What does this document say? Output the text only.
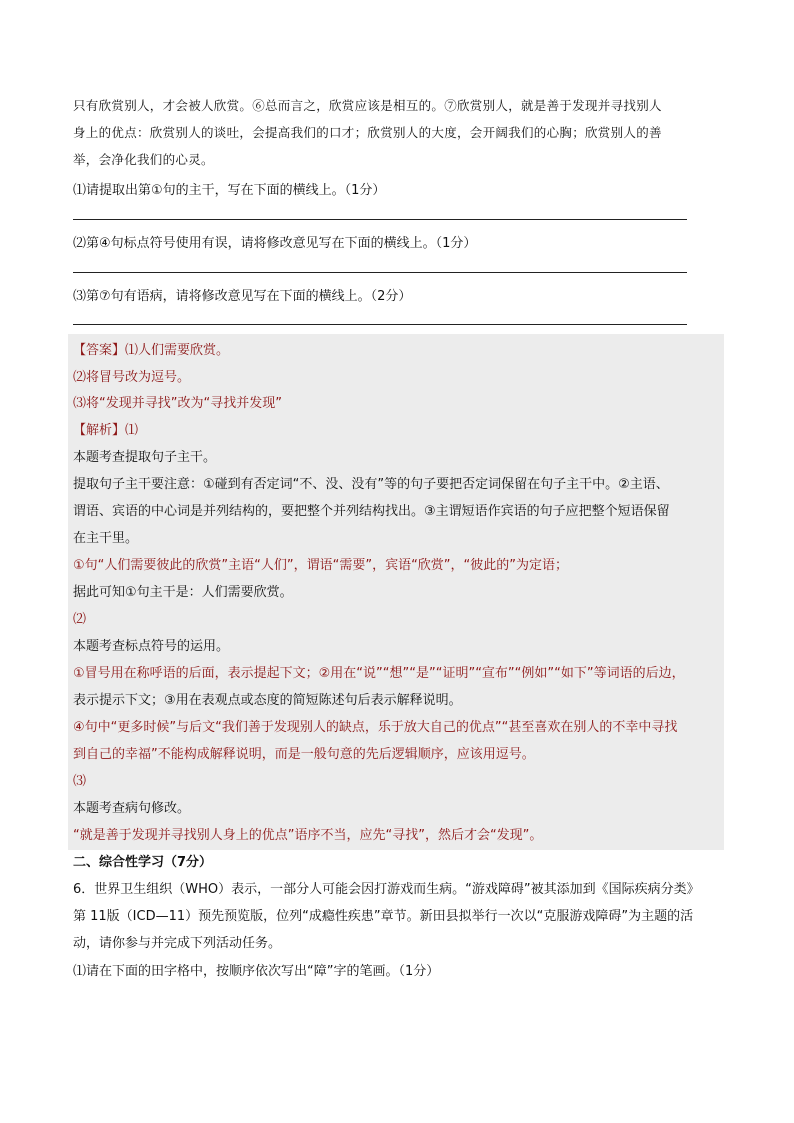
只有欣赏别人，才会被人欣赏。⑥总而言之，欣赏应该是相互的。⑦欣赏别人，就是善于发现并寻找别人

身上的优点：欣赏别人的谈吐，会提高我们的口才；欣赏别人的大度，会开阔我们的心胸；欣赏别人的善

举，会净化我们的心灵。

⑴请提取出第①句的主干，写在下面的横线上。（1分）
⑵第④句标点符号使用有误，请将修改意见写在下面的横线上。（1分）
⑶第⑦句有语病，请将修改意见写在下面的横线上。（2分）
【答案】⑴人们需要欣赏。
⑵将冒号改为逗号。
⑶将“发现并寻找”改为“寻找并发现”
【解析】⑴
本题考查提取句子主干。
提取句子主干要注意：①碰到有否定词“不、没、没有”等的句子要把否定词保留在句子主干中。②主语、
谓语、宾语的中心词是并列结构的，要把整个并列结构找出。③主谓短语作宾语的句子应把整个短语保留
在主干里。
①句“人们需要彼此的欣赏”主语“人们”，谓语“需要”，宾语“欣赏”，“彼此的”为定语；
据此可知①句主干是：人们需要欣赏。
⑵
本题考查标点符号的运用。
①冒号用在称呼语的后面，表示提起下文；②用在“说”“想”“是”“证明”“宣布”“例如”“如下”等词语的后边，
表示提示下文；③用在表观点或态度的简短陈述句后表示解释说明。
④句中“更多时候”与后文“我们善于发现别人的缺点，乐于放大自己的优点”“甚至喜欢在别人的不幸中寻找
到自己的幸福”不能构成解释说明，而是一般句意的先后逻辑顺序，应该用逗号。
⑶
本题考查病句修改。
“就是善于发现并寻找别人身上的优点”语序不当，应先“寻找”，然后才会“发现”。
二、综合性学习（7分）
6．世界卫生组织（WHO）表示，一部分人可能会因打游戏而生病。“游戏障碍”被其添加到《国际疾病分类》
第 11版（ICD—11）预先预览版，位列“成瘾性疾患”章节。新田县拟举行一次以“克服游戏障碍”为主题的活
动，请你参与并完成下列活动任务。
⑴请在下面的田字格中，按顺序依次写出“障”字的笔画。（1分）
